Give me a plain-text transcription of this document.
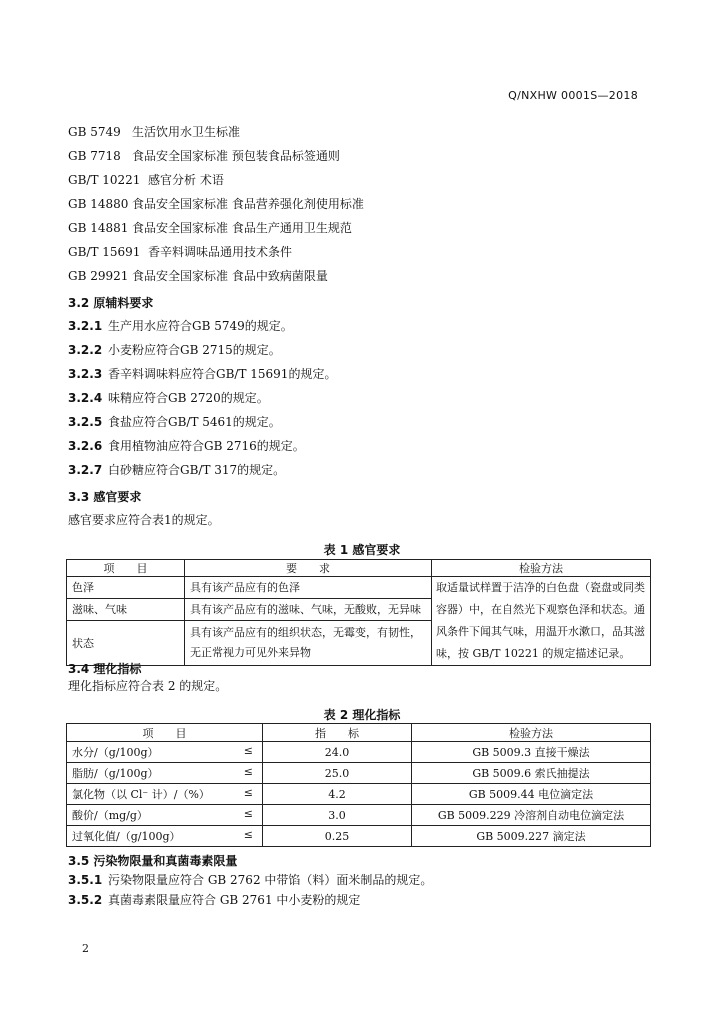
Q/NXHW 0001S—2018
GB 5749 生活饮用水卫生标准
GB 7718 食品安全国家标准 预包装食品标签通则
GB/T 10221 感官分析 术语
GB 14880 食品安全国家标准 食品营养强化剂使用标准
GB 14881 食品安全国家标准 食品生产通用卫生规范
GB/T 15691 香辛料调味品通用技术条件
GB 29921 食品安全国家标准 食品中致病菌限量
3.2 原辅料要求
3.2.1 生产用水应符合GB 5749的规定。
3.2.2 小麦粉应符合GB 2715的规定。
3.2.3 香辛料调味料应符合GB/T 15691的规定。
3.2.4 味精应符合GB 2720的规定。
3.2.5 食盐应符合GB/T 5461的规定。
3.2.6 食用植物油应符合GB 2716的规定。
3.2.7 白砂糖应符合GB/T 317的规定。
3.3 感官要求
感官要求应符合表1的规定。
表 1 感官要求
项　　目	要　　求	检验方法
色泽	具有该产品应有的色泽	取适量试样置于洁净的白色盘（瓷盘或同类容器）中，在自然光下观察色泽和状态。通风条件下闻其气味，用温开水漱口，品其滋味，按 GB/T 10221 的规定描述记录。
滋味、气味	具有该产品应有的滋味、气味，无酸败，无异味	
状态	具有该产品应有的组织状态，无霉变，有韧性，
无正常视力可见外来异物	
3.4 理化指标
理化指标应符合表 2 的规定。
表 2 理化指标
项　　目	指　　标	检验方法
水分/（g/100g） ≤	24.0	GB 5009.3 直接干燥法
脂肪/（g/100g） ≤	25.0	GB 5009.6 索氏抽提法
氯化物（以 Cl⁻ 计）/（%） ≤	4.2	GB 5009.44 电位滴定法
酸价/（mg/g） ≤	3.0	GB 5009.229 冷溶剂自动电位滴定法
过氧化值/（g/100g） ≤	0.25	GB 5009.227 滴定法
3.5 污染物限量和真菌毒素限量
3.5.1 污染物限量应符合 GB 2762 中带馅（料）面米制品的规定。
3.5.2 真菌毒素限量应符合 GB 2761 中小麦粉的规定
2
